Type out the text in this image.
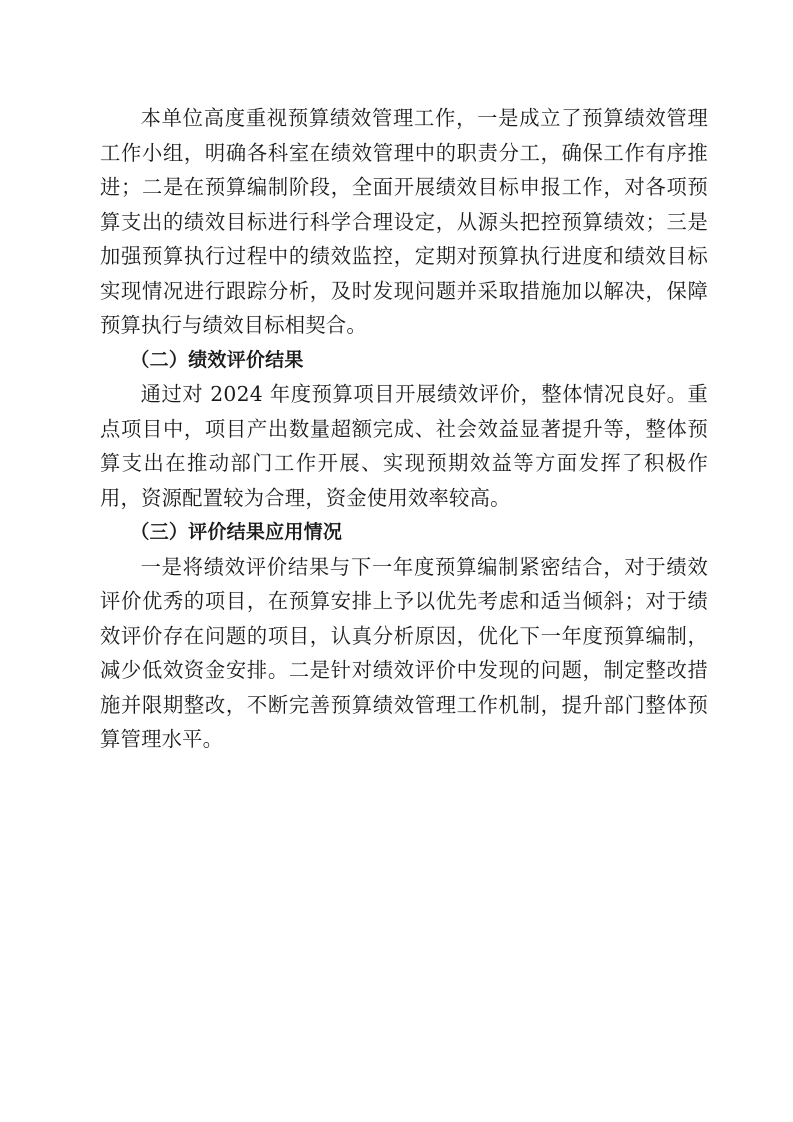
本单位高度重视预算绩效管理工作，一是成立了预算绩效管理工作小组，明确各科室在绩效管理中的职责分工，确保工作有序推进；二是在预算编制阶段，全面开展绩效目标申报工作，对各项预算支出的绩效目标进行科学合理设定，从源头把控预算绩效；三是加强预算执行过程中的绩效监控，定期对预算执行进度和绩效目标实现情况进行跟踪分析，及时发现问题并采取措施加以解决，保障预算执行与绩效目标相契合。

（二）绩效评价结果

通过对 2024 年度预算项目开展绩效评价，整体情况良好。重点项目中，项目产出数量超额完成、社会效益显著提升等，整体预算支出在推动部门工作开展、实现预期效益等方面发挥了积极作用，资源配置较为合理，资金使用效率较高。

（三）评价结果应用情况

一是将绩效评价结果与下一年度预算编制紧密结合，对于绩效评价优秀的项目，在预算安排上予以优先考虑和适当倾斜；对于绩效评价存在问题的项目，认真分析原因，优化下一年度预算编制，减少低效资金安排。二是针对绩效评价中发现的问题，制定整改措施并限期整改，不断完善预算绩效管理工作机制，提升部门整体预算管理水平。
